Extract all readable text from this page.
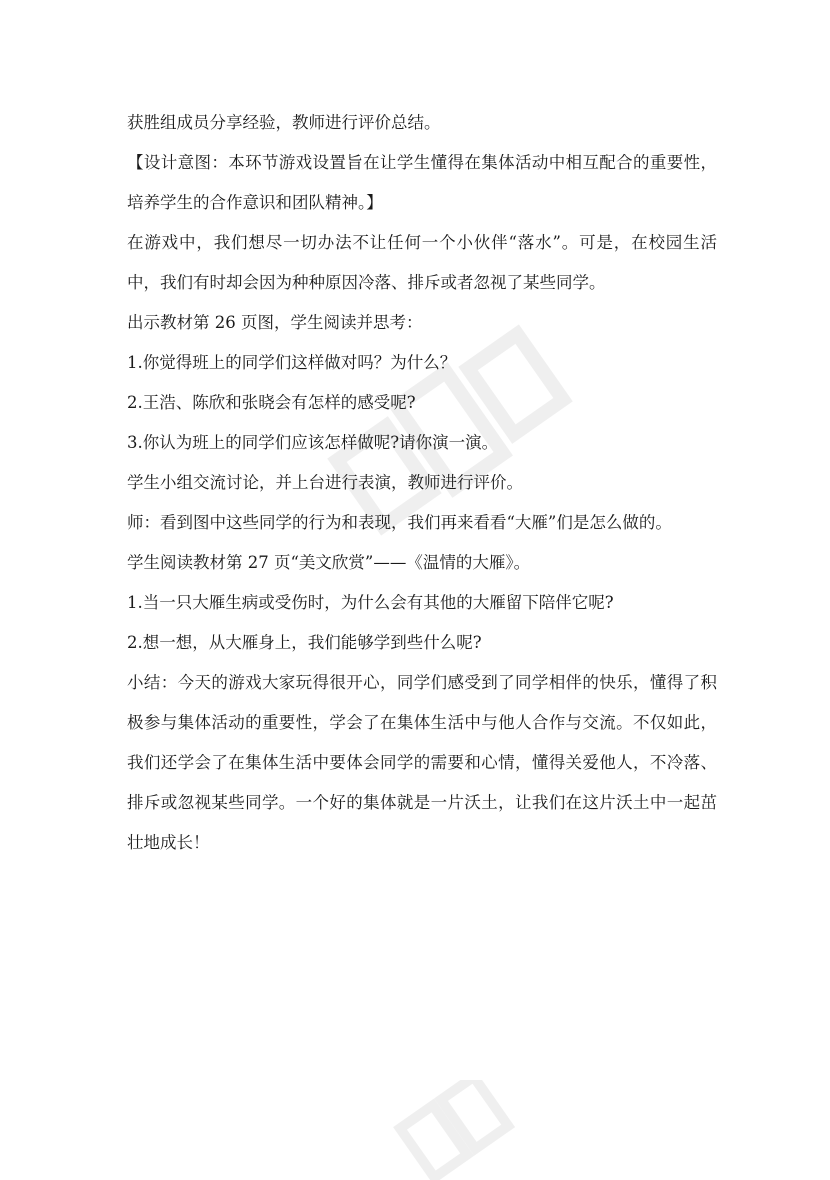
获胜组成员分享经验，教师进行评价总结。

【设计意图：本环节游戏设置旨在让学生懂得在集体活动中相互配合的重要性，培养学生的合作意识和团队精神。】

在游戏中，我们想尽一切办法不让任何一个小伙伴“落水”。可是，在校园生活中，我们有时却会因为种种原因冷落、排斥或者忽视了某些同学。

出示教材第 26 页图，学生阅读并思考：

1.你觉得班上的同学们这样做对吗？为什么？

2.王浩、陈欣和张晓会有怎样的感受呢?

3.你认为班上的同学们应该怎样做呢?请你演一演。

学生小组交流讨论，并上台进行表演，教师进行评价。

师：看到图中这些同学的行为和表现，我们再来看看“大雁”们是怎么做的。

学生阅读教材第 27 页“美文欣赏”——《温情的大雁》。

1.当一只大雁生病或受伤时，为什么会有其他的大雁留下陪伴它呢?

2.想一想，从大雁身上，我们能够学到些什么呢?

小结：今天的游戏大家玩得很开心，同学们感受到了同学相伴的快乐，懂得了积极参与集体活动的重要性，学会了在集体生活中与他人合作与交流。不仅如此，我们还学会了在集体生活中要体会同学的需要和心情，懂得关爱他人，不冷落、排斥或忽视某些同学。一个好的集体就是一片沃土，让我们在这片沃土中一起茁壮地成长！
